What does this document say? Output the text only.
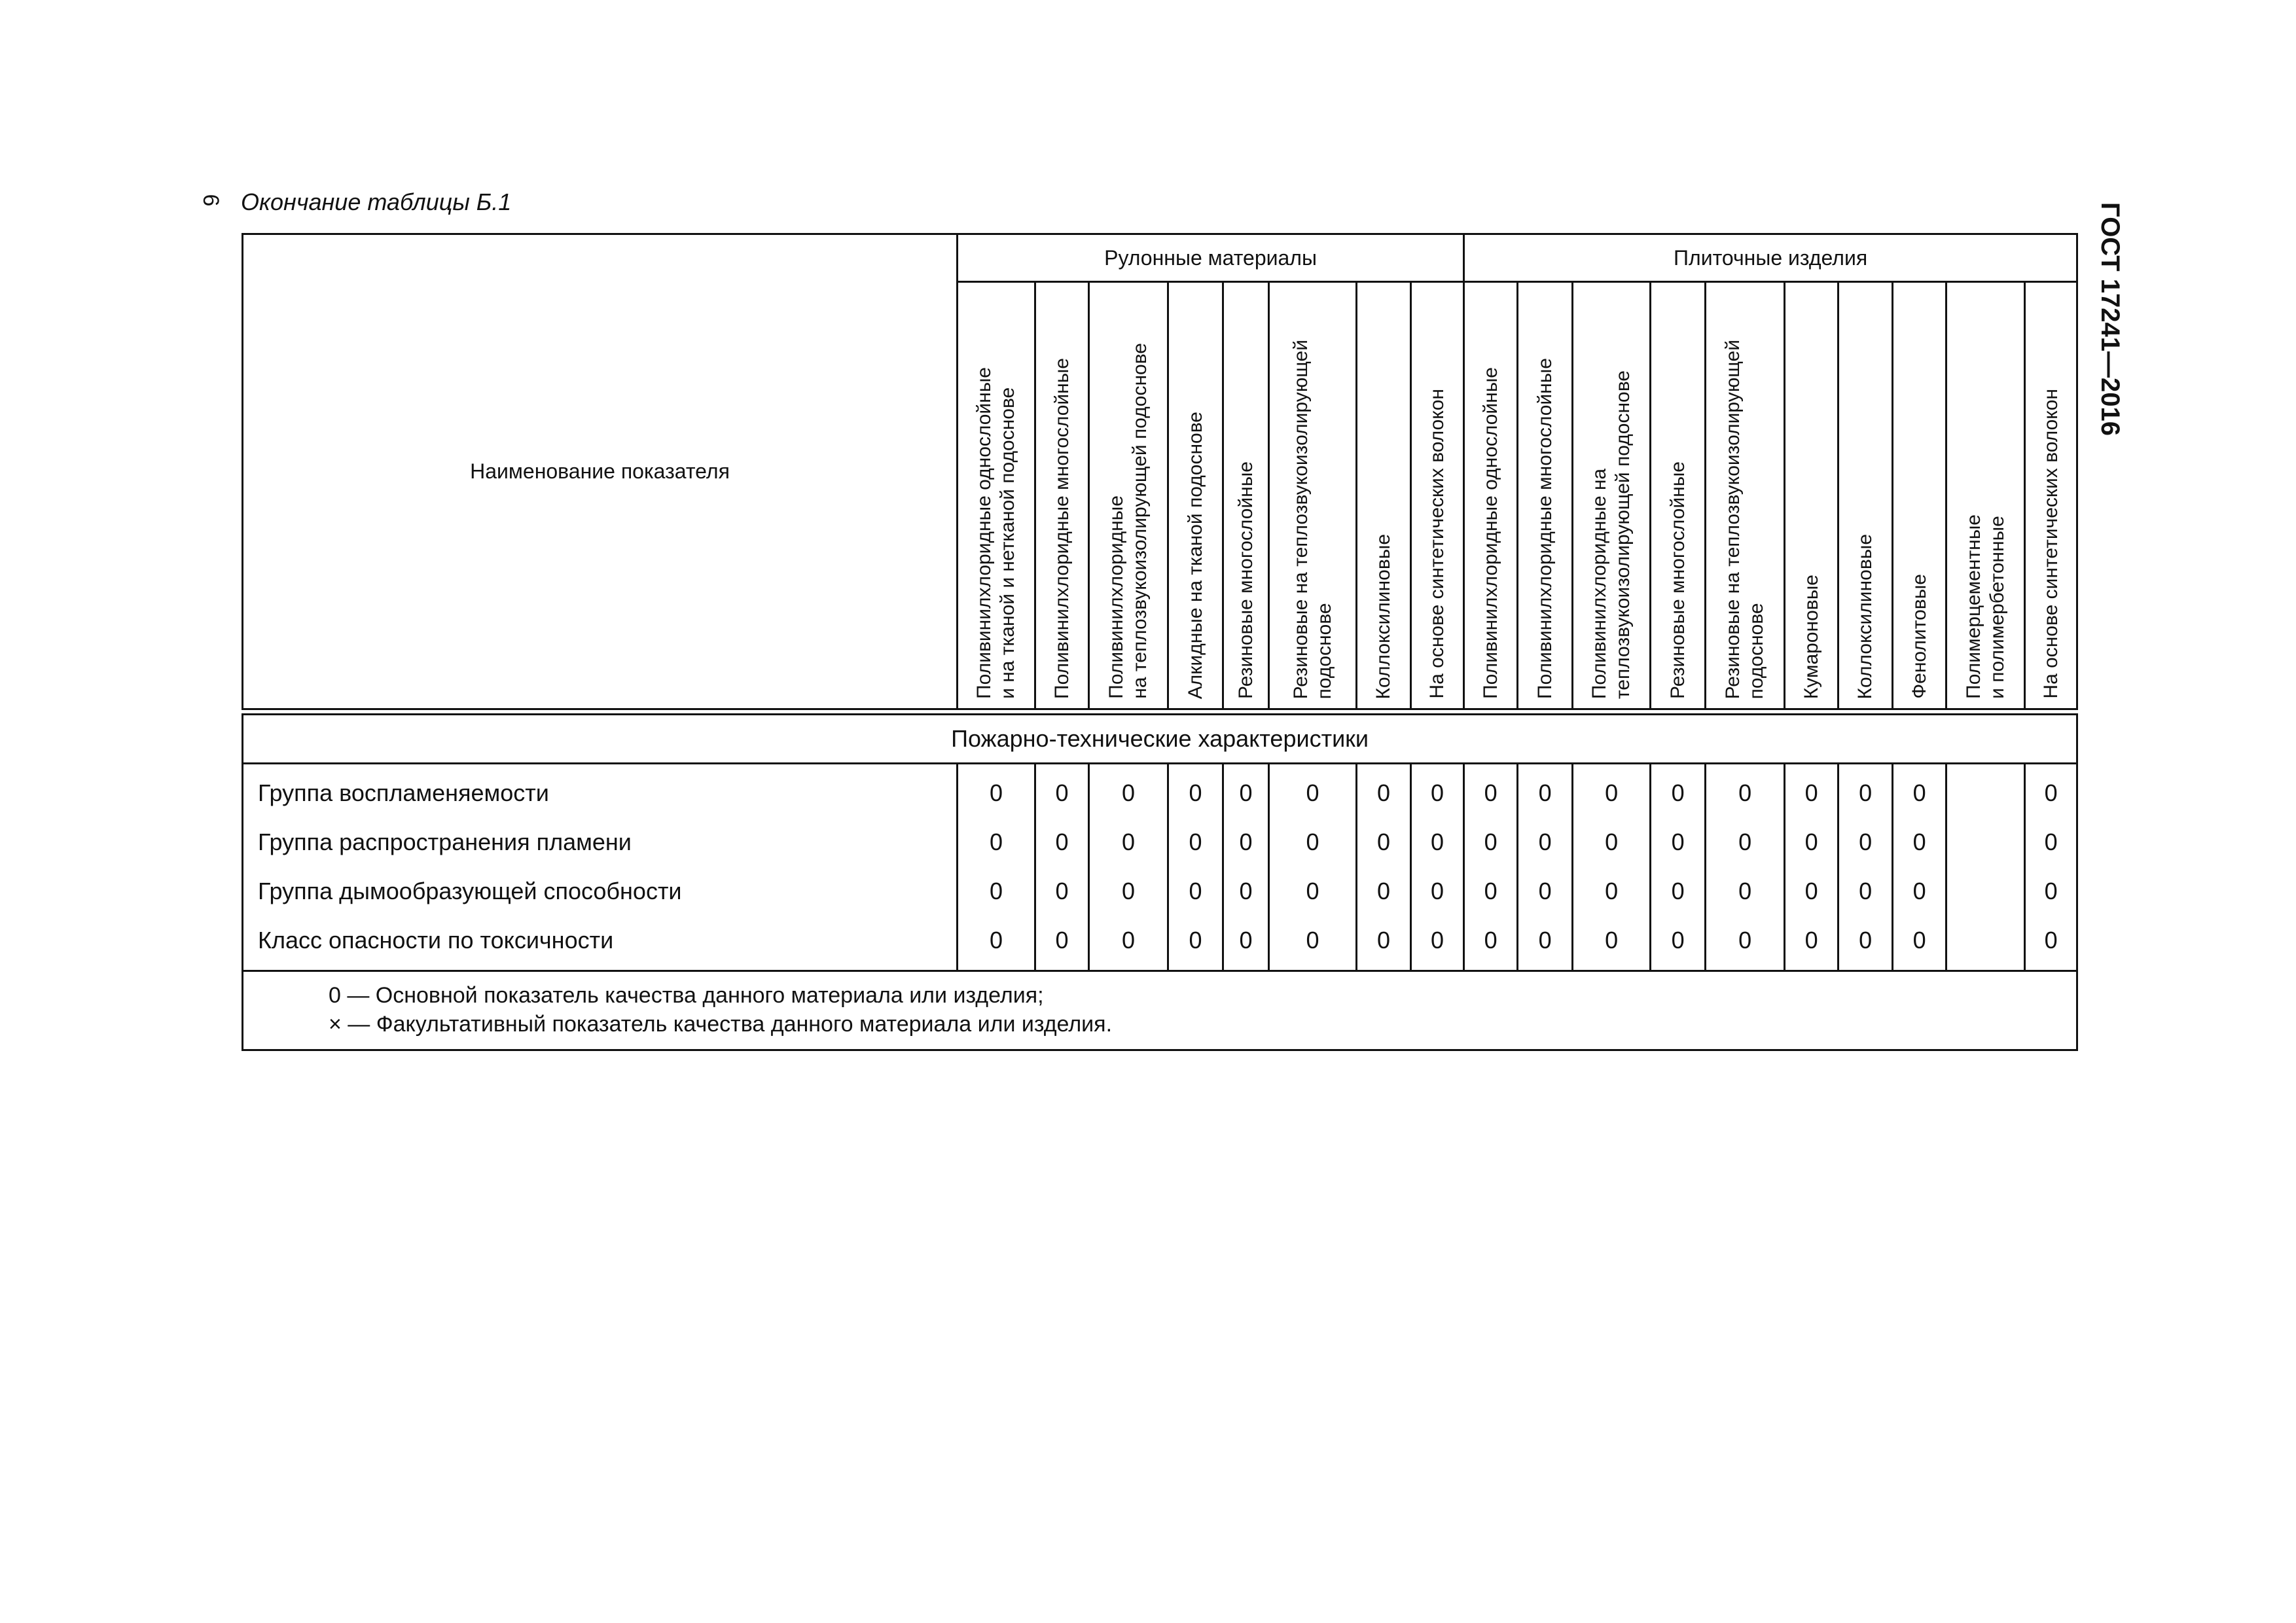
6 Окончание таблицы Б.1
ГОСТ 17241—2016
Наименование показателя	Рулонные материалы								Плиточные изделия									

	Поливинилхлоридные однослойные
и на тканой и нетканой подоснове	Поливинилхлоридные многослойные	Поливинилхлоридные
на теплозвукоизолирующей подоснове	Алкидные на тканой подоснове	Резиновые многослойные	Резиновые на теплозвукоизолирующей
подоснове	Коллоксилиновые	На основе синтетических волокон	Поливинилхлоридные однослойные	Поливинилхлоридные многослойные	Поливинилхлоридные на
теплозвукоизолирующей подоснове	Резиновые многослойные	Резиновые на теплозвукоизолирующей
подоснове	Кумароновые	Коллоксилиновые	Фенолитовые	Полимерцементные
и полимербетонные	На основе синтетических волокон

Пожарно-технические характеристики																		
Группа воспламеняемости	0	0	0	0	0	0	0	0	0	0	0	0	0	0	0	0		0
Группа распространения пламени	0	0	0	0	0	0	0	0	0	0	0	0	0	0	0	0		0
Группа дымообразующей способности	0	0	0	0	0	0	0	0	0	0	0	0	0	0	0	0		0
Класс опасности по токсичности	0	0	0	0	0	0	0	0	0	0	0	0	0	0	0	0		0

0 — Основной показатель качества данного материала или изделия;
× — Факультативный показатель качества данного материала или изделия.																		
